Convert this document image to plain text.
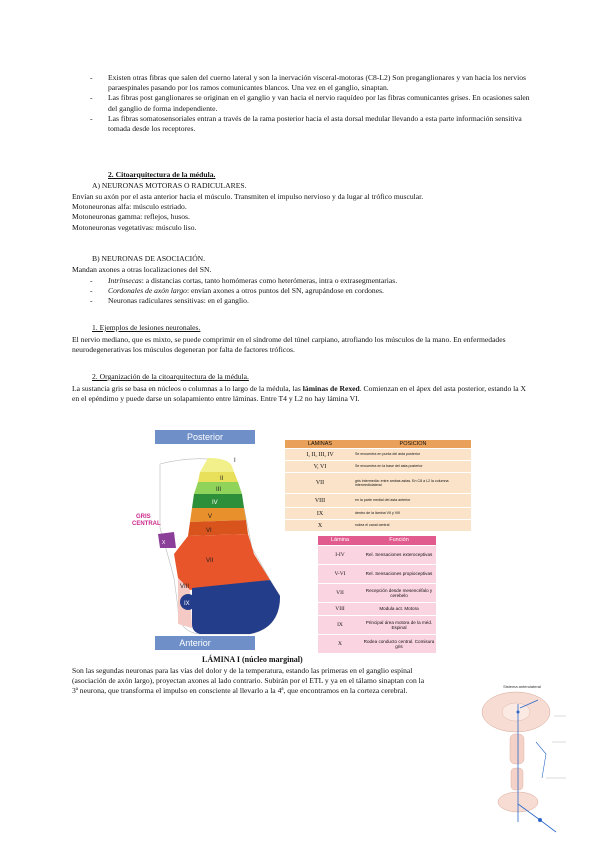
- Existen otras fibras que salen del cuerno lateral y son la inervación visceral-motoras (C8-L2) Son preganglionares y van hacia los nervios paraespinales pasando por los ramos comunicantes blancos. Una vez en el ganglio, sinaptan.
- Las fibras post ganglionares se originan en el ganglio y van hacia el nervio raquídeo por las fibras comunicantes grises. En ocasiones salen del ganglio de forma independiente.
- Las fibras somatosensoriales entran a través de la rama posterior hacia el asta dorsal medular llevando a esta parte información sensitiva tomada desde los receptores.
2. Citoarquitectura de la médula.
A) NEURONAS MOTORAS O RADICULARES.
Envían su axón por el asta anterior hacia el músculo. Transmiten el impulso nervioso y da lugar al trófico muscular.
Motoneuronas alfa: músculo estriado.
Motoneuronas gamma: reflejos, husos.
Motoneuronas vegetativas: músculo liso.
B) NEURONAS DE ASOCIACIÓN.
Mandan axones a otras localizaciones del SN.
- Intrínsecas: a distancias cortas, tanto homómeras como heterómeras, intra o extrasegmentarias.
- Cordonales de axón largo: envían axones a otros puntos del SN, agrupándose en cordones.
- Neuronas radiculares sensitivas: en el ganglio.
1. Ejemplos de lesiones neuronales.
El nervio mediano, que es mixto, se puede comprimir en el síndrome del túnel carpiano, atrofiando los músculos de la mano. En enfermedades neurodegenerativas los músculos degeneran por falta de factores tróficos.
2. Organización de la citoarquitectura de la médula.
La sustancia gris se basa en núcleos o columnas a lo largo de la médula, las láminas de Rexed. Comienzan en el ápex del asta posterior, estando la X en el epéndimo y puede darse un solapamiento entre láminas. Entre T4 y L2 no hay lámina VI.
Posterior
GRIS
CENTRAL
I
II
III
IV
V
VI
VII
VIII
IX
X
Anterior
LAMINAS	POSICION
I, II, III, IV	Se encuentra en punta del asta posterior
V, VI	Se encuentra en la base del asta posterior
VII	gris intermedia: entre ambas astas. En C8 a L2 la columna intermediolateral
VIII	en la parte medial del asta anterior
IX	dentro de la lámina VII y VIII
X	rodea el canal central
Lámina	Función
I-IV	Rel. Sensaciones exteroceptivas
V-VI	Rel. Sensaciones propioceptivas
VII	Recepción desde mesencéfalo y cerebelo
VIII	Modula act. Motora
IX	Principal área motora de la méd. Espinal
X	Rodea conducto central. Comisura gris
LÁMINA I (núcleo marginal)
Son las segundas neuronas para las vías del dolor y de la temperatura, estando las primeras en el ganglio espinal (asociación de axón largo), proyectan axones al lado contrario. Subirán por el ETL y ya en el tálamo sinaptan con la 3ª neurona, que transforma el impulso en consciente al llevarlo a la 4ª, que encontramos en la corteza cerebral.	Sistema anterolateral
